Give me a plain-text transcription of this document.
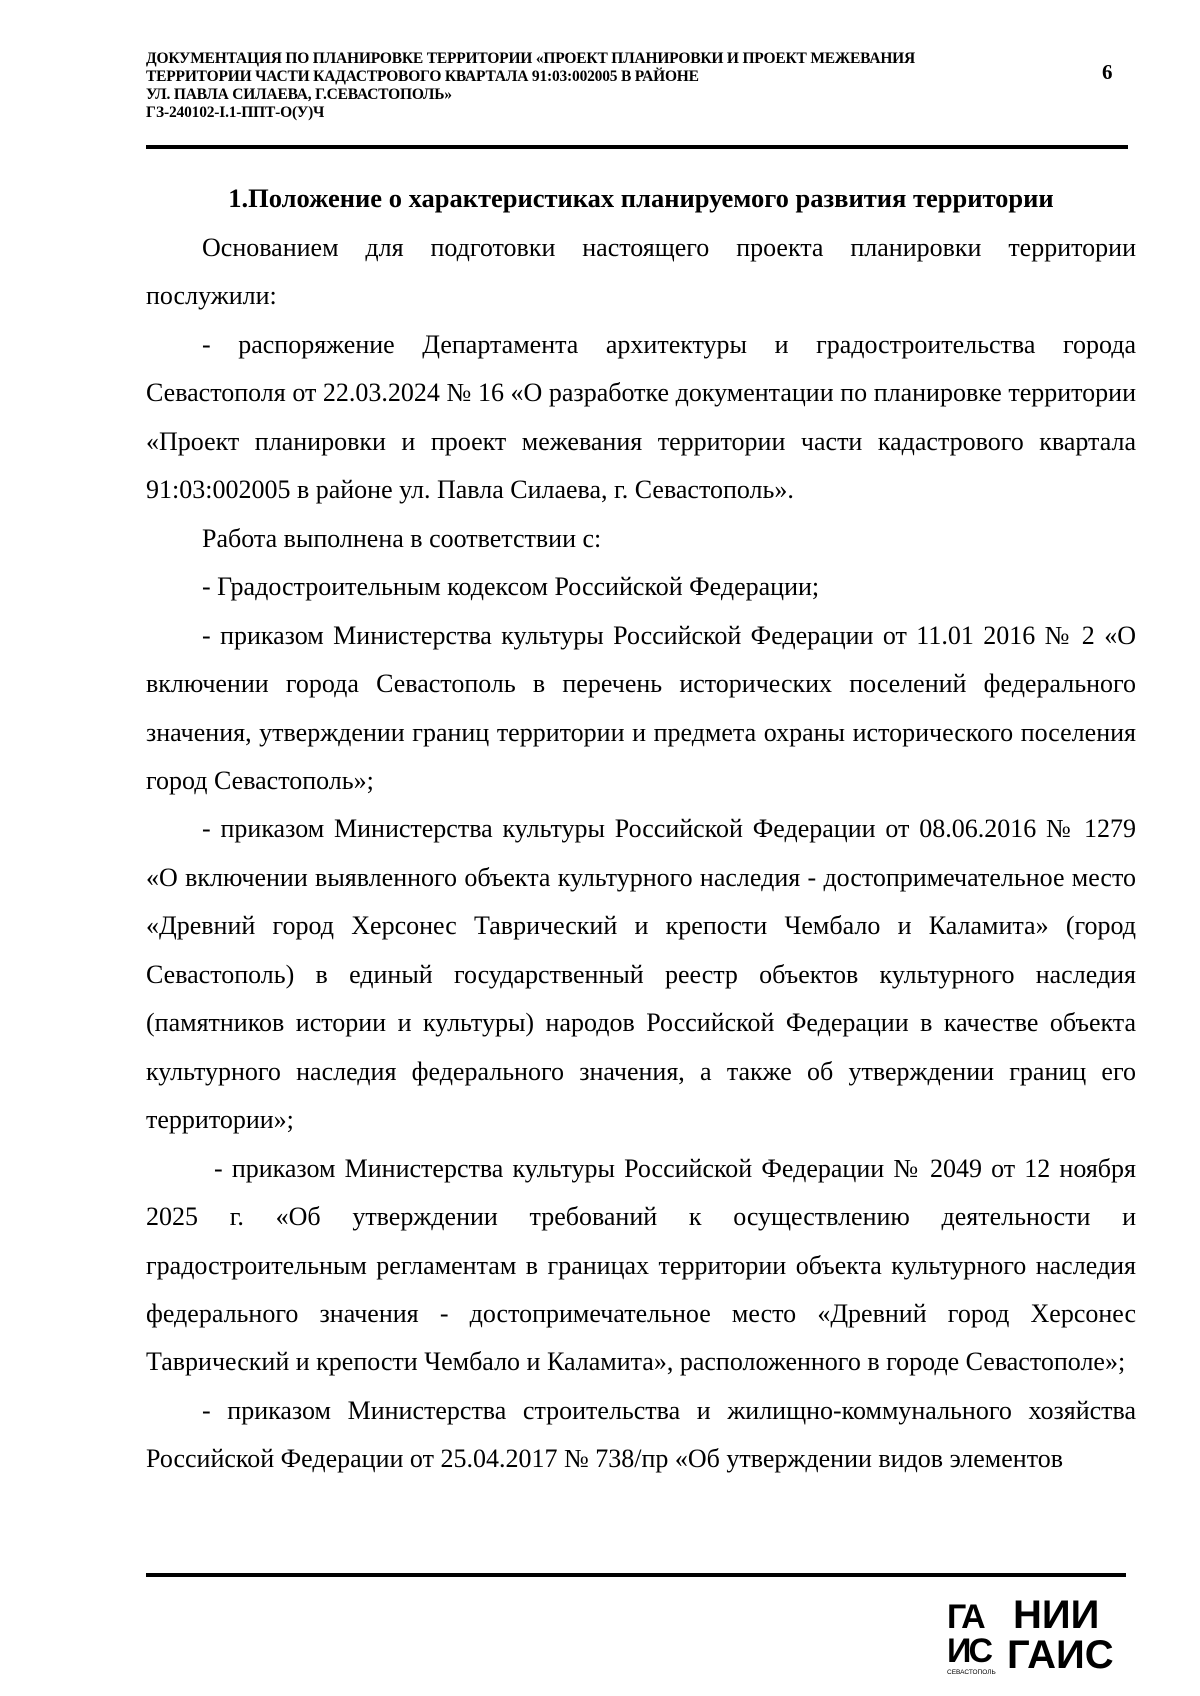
ДОКУМЕНТАЦИЯ ПО ПЛАНИРОВКЕ ТЕРРИТОРИИ «ПРОЕКТ ПЛАНИРОВКИ И ПРОЕКТ МЕЖЕВАНИЯ
ТЕРРИТОРИИ ЧАСТИ КАДАСТРОВОГО КВАРТАЛА 91:03:002005 В РАЙОНЕ
УЛ. ПАВЛА СИЛАЕВА, Г.СЕВАСТОПОЛЬ»
ГЗ-240102-I.1-ППТ-О(У)Ч
6
1.Положение о характеристиках планируемого развития территории

Основанием для подготовки настоящего проекта планировки территории послужили:

- распоряжение Департамента архитектуры и градостроительства города Севастополя от 22.03.2024 № 16 «О разработке документации по планировке территории «Проект планировки и проект межевания территории части кадастрового квартала 91:03:002005 в районе ул. Павла Силаева, г. Севастополь».

Работа выполнена в соответствии с:

- Градостроительным кодексом Российской Федерации;

- приказом Министерства культуры Российской Федерации от 11.01 2016 № 2 «О включении города Севастополь в перечень исторических поселений федерального значения, утверждении границ территории и предмета охраны исторического поселения город Севастополь»;

- приказом Министерства культуры Российской Федерации от 08.06.2016 № 1279 «О включении выявленного объекта культурного наследия - достопримечательное место «Древний город Херсонес Таврический и крепости Чембало и Каламита» (город Севастополь) в единый государственный реестр объектов культурного наследия (памятников истории и культуры) народов Российской Федерации в качестве объекта культурного наследия федерального значения, а также об утверждении границ его территории»;

- приказом Министерства культуры Российской Федерации № 2049 от 12 ноября 2025 г. «Об утверждении требований к осуществлению деятельности и градостроительным регламентам в границах территории объекта культурного наследия федерального значения - достопримечательное место «Древний город Херсонес Таврический и крепости Чембало и Каламита», расположенного в городе Севастополе»;

- приказом Министерства строительства и жилищно-коммунального хозяйства Российской Федерации от 25.04.2017 № 738/пр «Об утверждении видов элементов

ГА
ИС
СЕВАСТОПОЛЬ
НИИ
ГАИС
